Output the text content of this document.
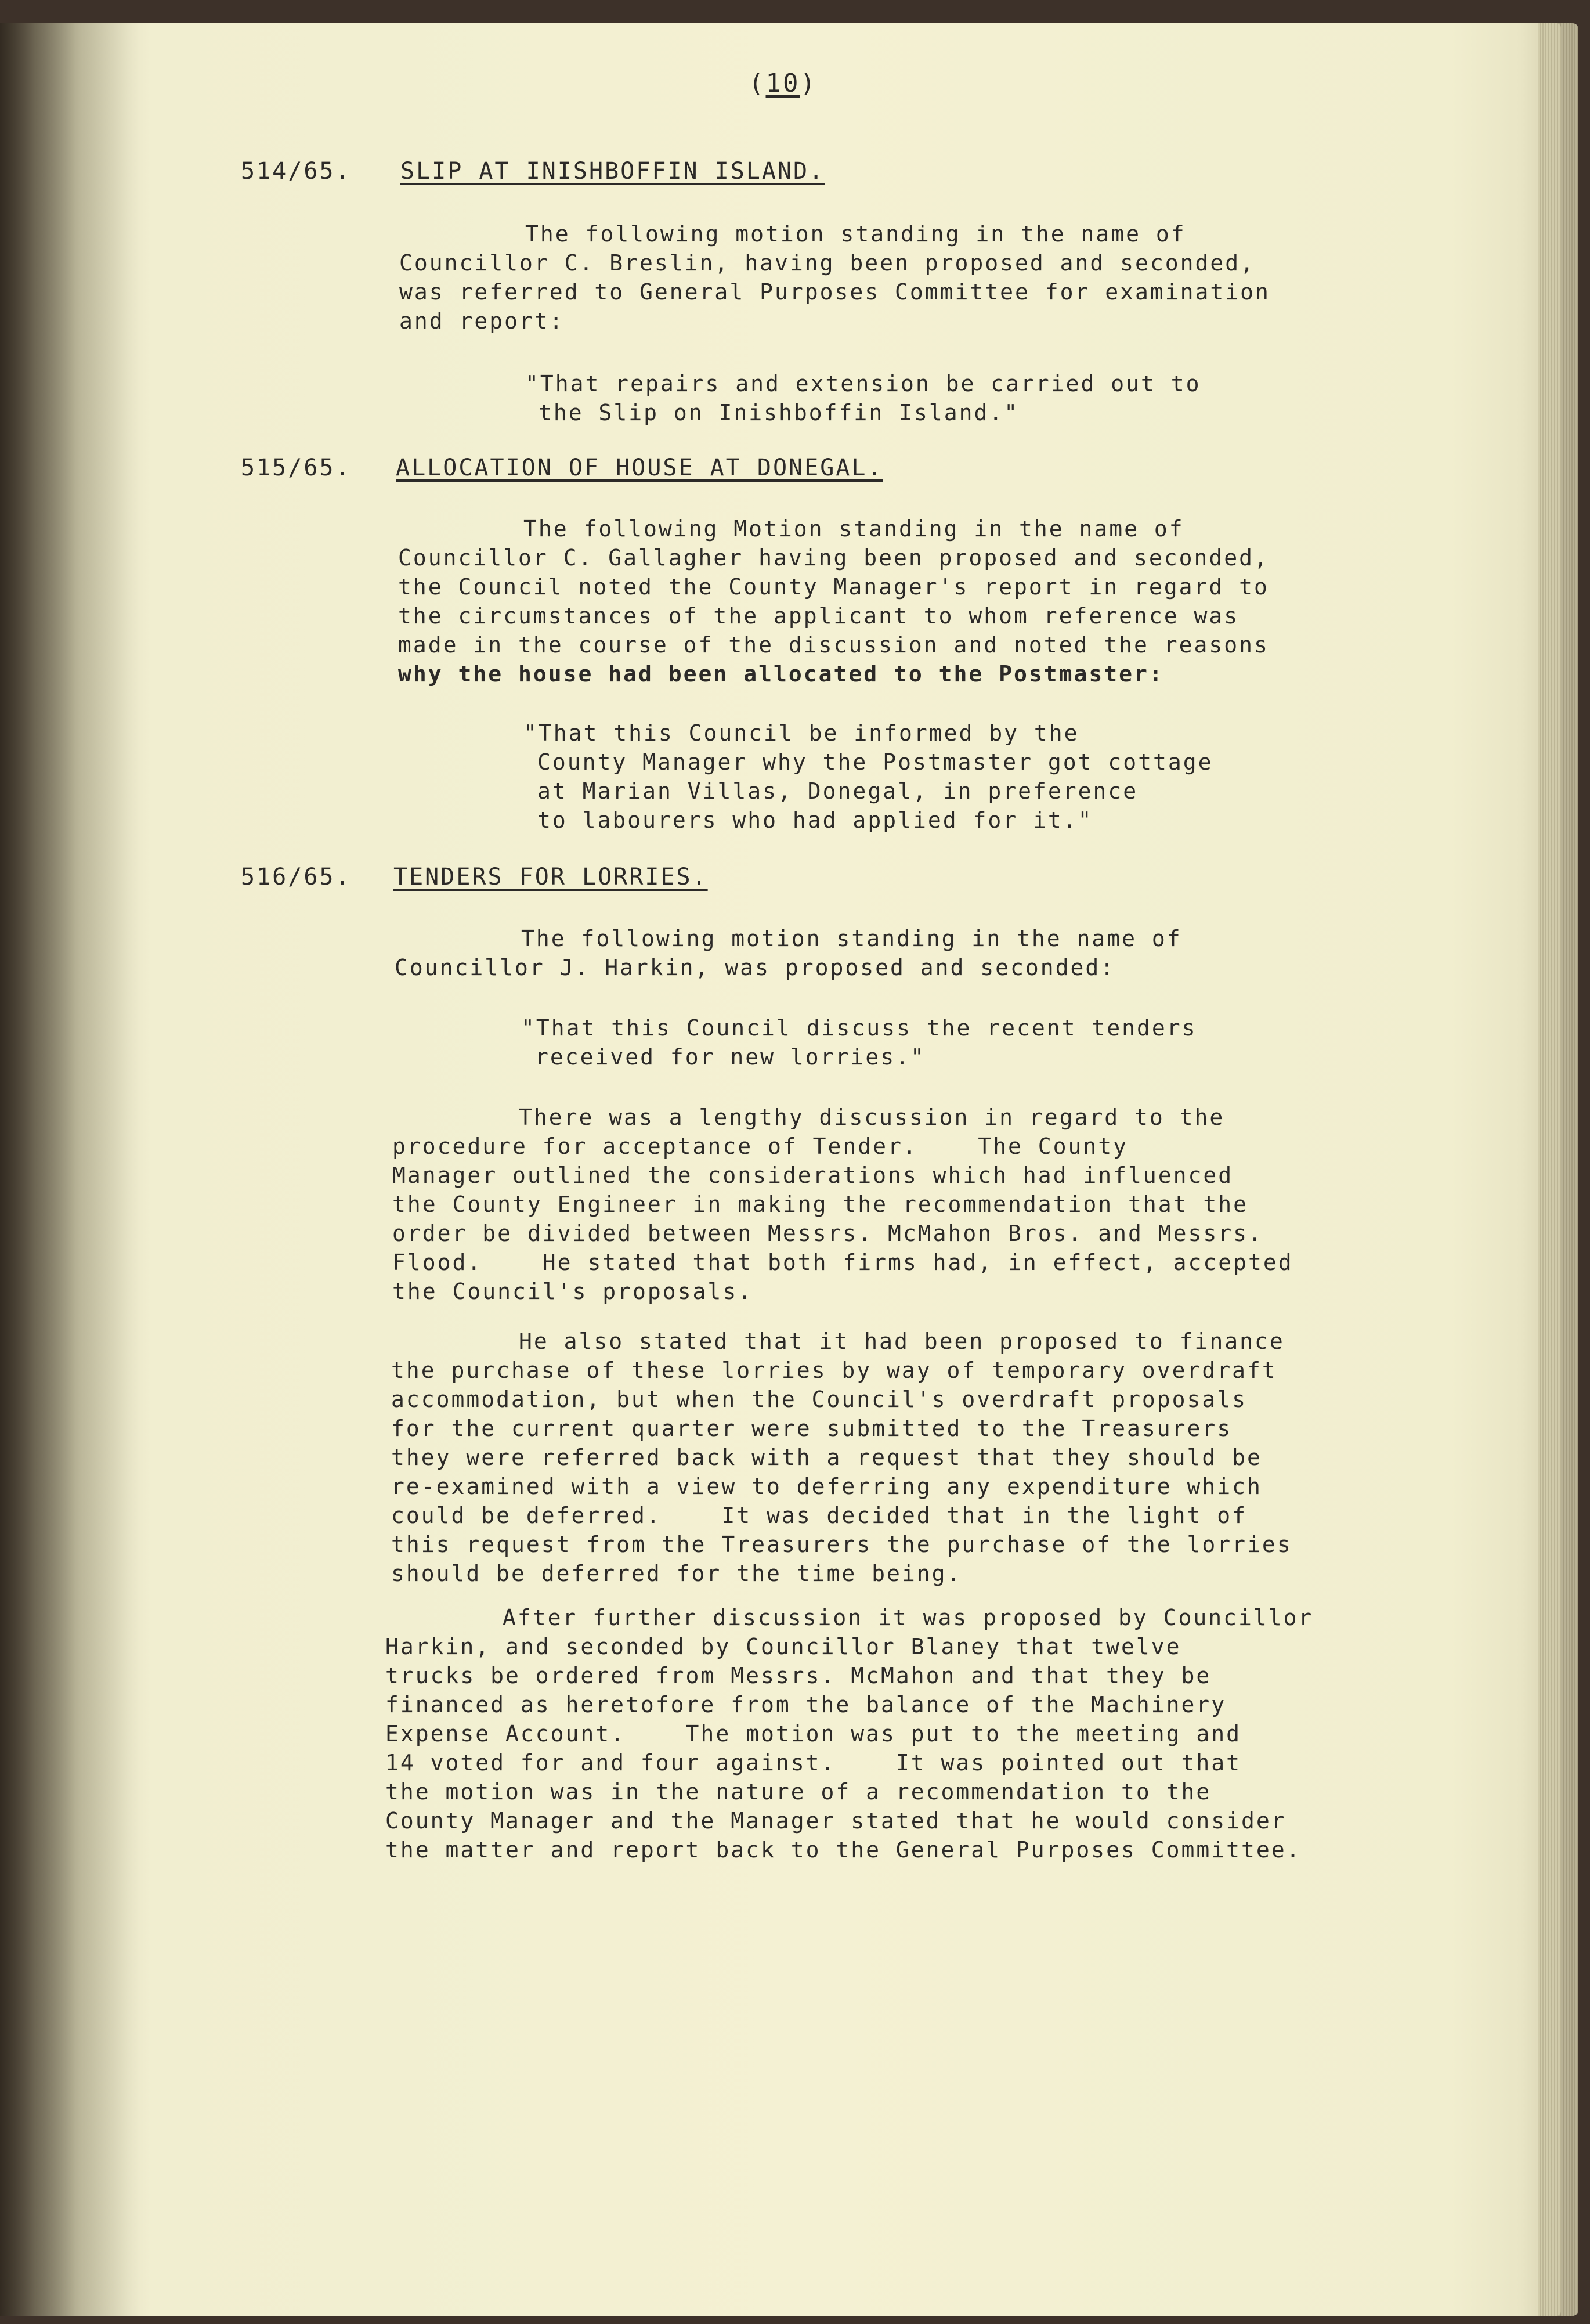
(10)
514/65. SLIP AT INISHBOFFIN ISLAND.
The following motion standing in the name of
Councillor C. Breslin, having been proposed and seconded,
was referred to General Purposes Committee for examination
and report:
"That repairs and extension be carried out to
the Slip on Inishboffin Island."
515/65. ALLOCATION OF HOUSE AT DONEGAL.
The following Motion standing in the name of
Councillor C. Gallagher having been proposed and seconded,
the Council noted the County Manager's report in regard to
the circumstances of the applicant to whom reference was
made in the course of the discussion and noted the reasons
why the house had been allocated to the Postmaster:
"That this Council be informed by the
County Manager why the Postmaster got cottage
at Marian Villas, Donegal, in preference
to labourers who had applied for it."
516/65. TENDERS FOR LORRIES.
The following motion standing in the name of
Councillor J. Harkin, was proposed and seconded:
"That this Council discuss the recent tenders
received for new lorries."
There was a lengthy discussion in regard to the
procedure for acceptance of Tender.    The County
Manager outlined the considerations which had influenced
the County Engineer in making the recommendation that the
order be divided between Messrs. McMahon Bros. and Messrs.
Flood.    He stated that both firms had, in effect, accepted
the Council's proposals.
He also stated that it had been proposed to finance
the purchase of these lorries by way of temporary overdraft
accommodation, but when the Council's overdraft proposals
for the current quarter were submitted to the Treasurers
they were referred back with a request that they should be
re-examined with a view to deferring any expenditure which
could be deferred.    It was decided that in the light of
this request from the Treasurers the purchase of the lorries
should be deferred for the time being.
After further discussion it was proposed by Councillor
Harkin, and seconded by Councillor Blaney that twelve
trucks be ordered from Messrs. McMahon and that they be
financed as heretofore from the balance of the Machinery
Expense Account.    The motion was put to the meeting and
14 voted for and four against.    It was pointed out that
the motion was in the nature of a recommendation to the
County Manager and the Manager stated that he would consider
the matter and report back to the General Purposes Committee.
